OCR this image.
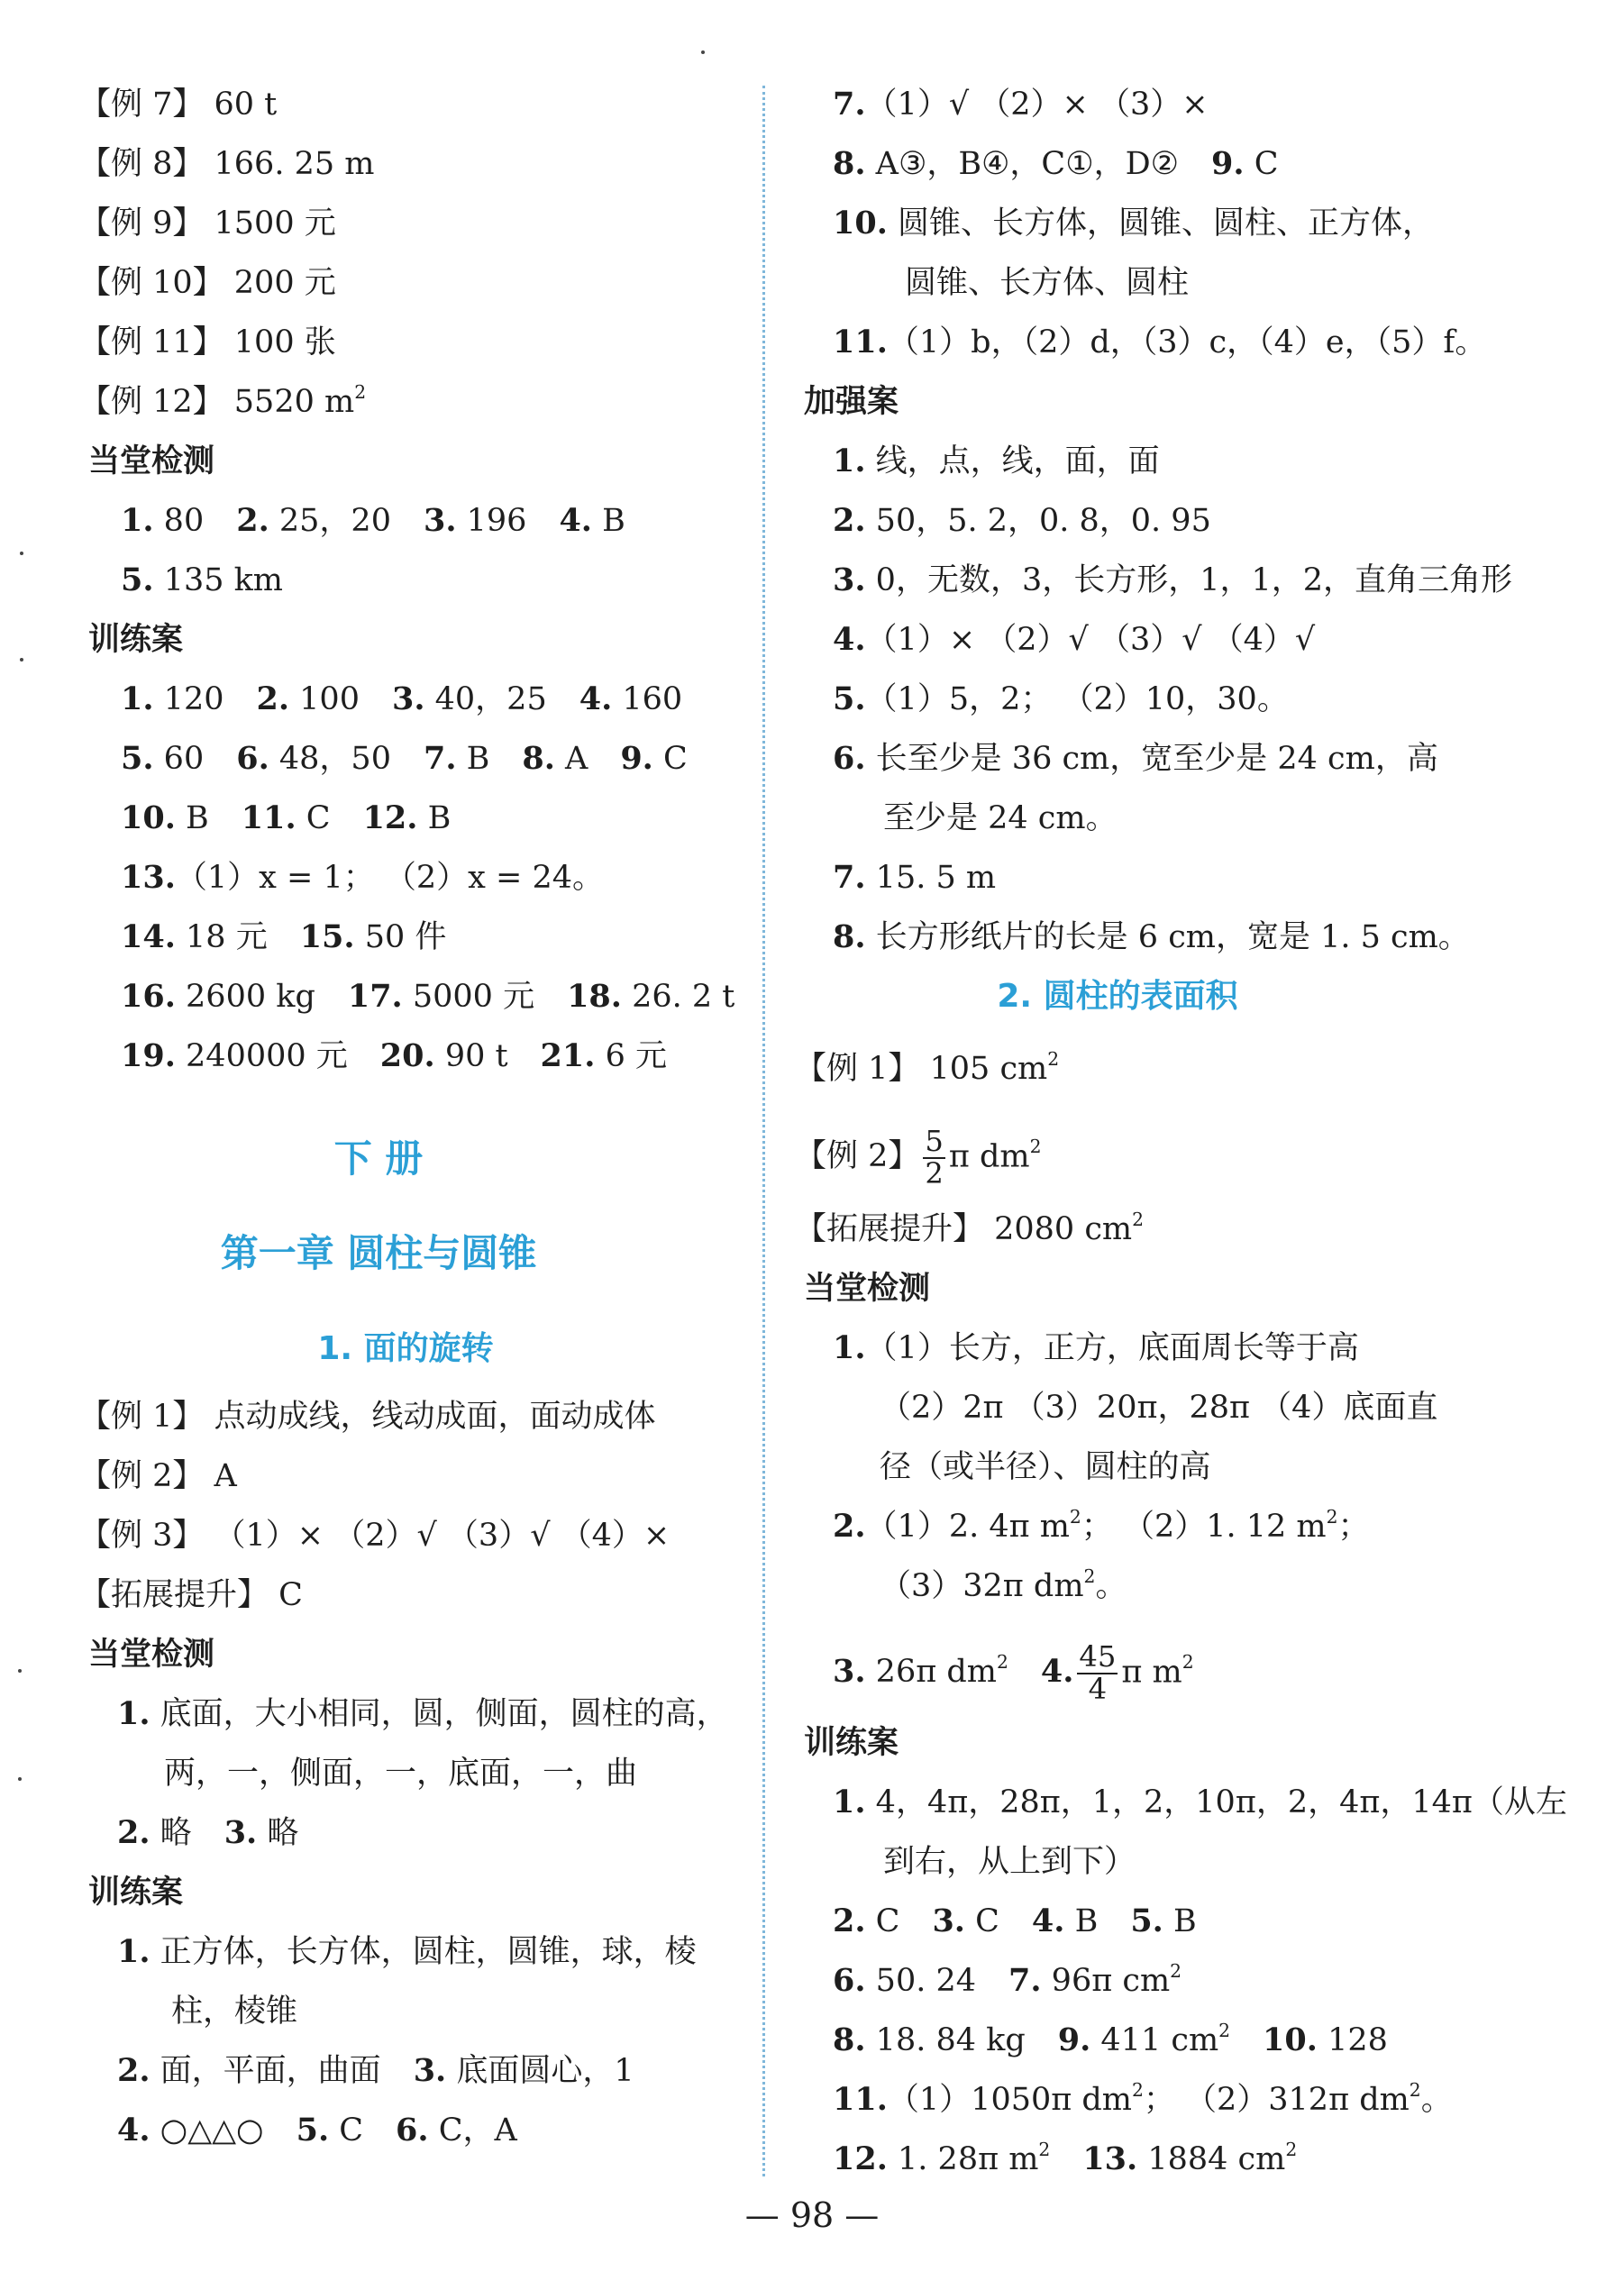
【例 7】 60 t
【例 8】 166. 25 m
【例 9】 1500 元
【例 10】 200 元
【例 11】 100 张
【例 12】 5520 $m^2$
当堂检测
1. 80 2. 25，20 3. 196 4. B
5. 135 km
训练案
1. 120 2. 100 3. 40，25 4. 160
5. 60 6. 48，50 7. B 8. A 9. C
10. B 11. C 12. B
13.（1）x = 1； （2）x = 24。
14. 18 元 15. 50 件
16. 2600 kg 17. 5000 元 18. 26. 2 t
19. 240000 元 20. 90 t 21. 6 元
下 册
第一章 圆柱与圆锥
1. 面的旋转
【例 1】 点动成线，线动成面，面动成体
【例 2】 A
【例 3】 （1）× （2）√ （3）√ （4）×
【拓展提升】 C
当堂检测
1. 底面，大小相同，圆，侧面，圆柱的高，
两，一，侧面，一，底面，一，曲
2. 略 3. 略
训练案
1. 正方体，长方体，圆柱，圆锥，球，棱
柱，棱锥
2. 面，平面，曲面 3. 底面圆心，1
4. ○△△○ 5. C 6. C，A
7.（1）√ （2）× （3）×
8. A③，B④，C①，D② 9. C
10. 圆锥、长方体，圆锥、圆柱、正方体，
圆锥、长方体、圆柱
11.（1）b，（2）d，（3）c，（4）e，（5）f。
加强案
1. 线，点，线，面，面
2. 50，5. 2，0. 8，0. 95
3. 0，无数，3，长方形，1，1，2，直角三角形
4.（1）× （2）√ （3）√ （4）√
5.（1）5，2； （2）10，30。
6. 长至少是 36 cm，宽至少是 24 cm，高
至少是 24 cm。
7. 15. 5 m
8. 长方形纸片的长是 6 cm，宽是 1. 5 cm。
2. 圆柱的表面积
【例 1】 105 $cm^2$
【例 2】 $\frac{5}{2}$ π $dm^2$
【拓展提升】 2080 $cm^2$
当堂检测
1.（1）长方，正方，底面周长等于高
（2）2π （3）20π，28π （4）底面直
径（或半径）、圆柱的高
2.（1）2. 4π $m^2$； （2）1. 12 $m^2$；
（3）32π $dm^2$。
3. 26π $dm^2$ 4. $\frac{45}{4}$ π $m^2$
训练案
1. 4，4π，28π，1，2，10π，2，4π，14π（从左
到右，从上到下）
2. C 3. C 4. B 5. B
6. 50. 24 7. 96π $cm^2$
8. 18. 84 kg 9. 411 $cm^2$ 10. 128
11.（1）1050π $dm^2$； （2）312π $dm^2$。
12. 1. 28π $m^2$ 13. 1884 $cm^2$
— 98 —
